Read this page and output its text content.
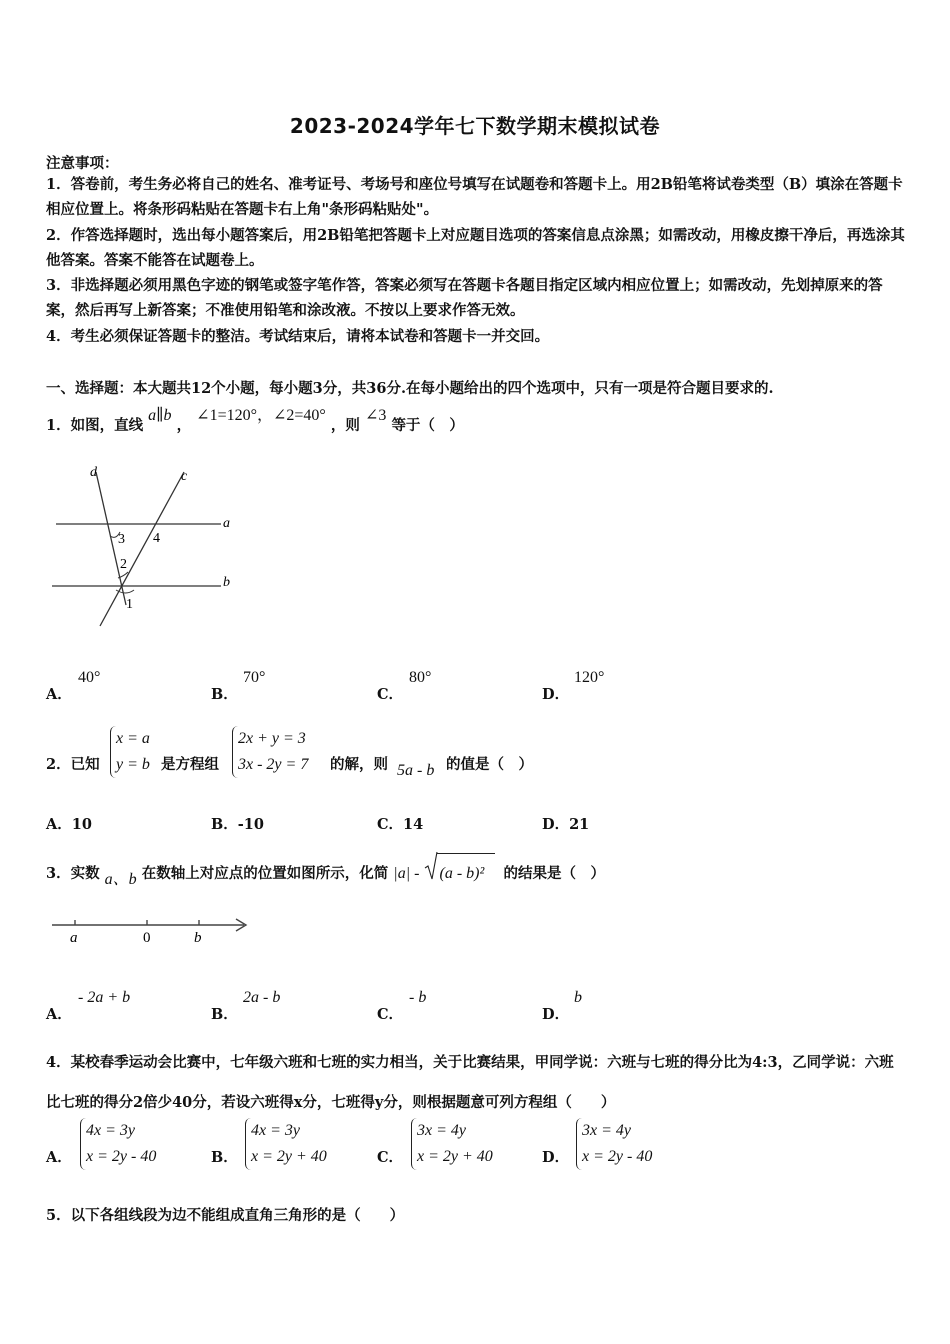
2023-2024学年七下数学期末模拟试卷
注意事项：
1．答卷前，考生务必将自己的姓名、准考证号、考场号和座位号填写在试题卷和答题卡上。用2B铅笔将试卷类型（B）填涂在答题卡相应位置上。将条形码粘贴在答题卡右上角"条形码粘贴处"。
2．作答选择题时，选出每小题答案后，用2B铅笔把答题卡上对应题目选项的答案信息点涂黑；如需改动，用橡皮擦干净后，再选涂其他答案。答案不能答在试题卷上。
3．非选择题必须用黑色字迹的钢笔或签字笔作答，答案必须写在答题卡各题目指定区域内相应位置上；如需改动，先划掉原来的答案，然后再写上新答案；不准使用铅笔和涂改液。不按以上要求作答无效。
4．考生必须保证答题卡的整洁。考试结束后，请将本试卷和答题卡一并交回。
一、选择题：本大题共12个小题，每小题3分，共36分.在每小题给出的四个选项中，只有一项是符合题目要求的.
1．如图，直线 a∥b ， ∠1=120°，∠2=40° ，则 ∠3 等于（　）
d	c
a
b
3 4
2
1
A．
40°
B．
70°
C．
80°
D．
120°
2．已知
x = a
y = b 是方程组
2x + y = 3
3x - 2y = 7 的解，则 5a - b 的值是（　）
A．10	B．-10	C．14	D．21
3．实数 a、b 在数轴上对应点的位置如图所示，化简 |a| - (a - b)² 的结果是（　）
a	0	b
A．
- 2a + b
B．
2a - b
C．
- b
D．
b
4．某校春季运动会比赛中，七年级六班和七班的实力相当，关于比赛结果，甲同学说：六班与七班的得分比为4:3，乙同学说：六班比七班的得分2倍少40分，若设六班得x分，七班得y分，则根据题意可列方程组（　　）
A．
4x = 3y
x = 2y - 40	B．
4x = 3y
x = 2y + 40	C．
3x = 4y
x = 2y + 40	D．
3x = 4y
x = 2y - 40
5．以下各组线段为边不能组成直角三角形的是（　　）
